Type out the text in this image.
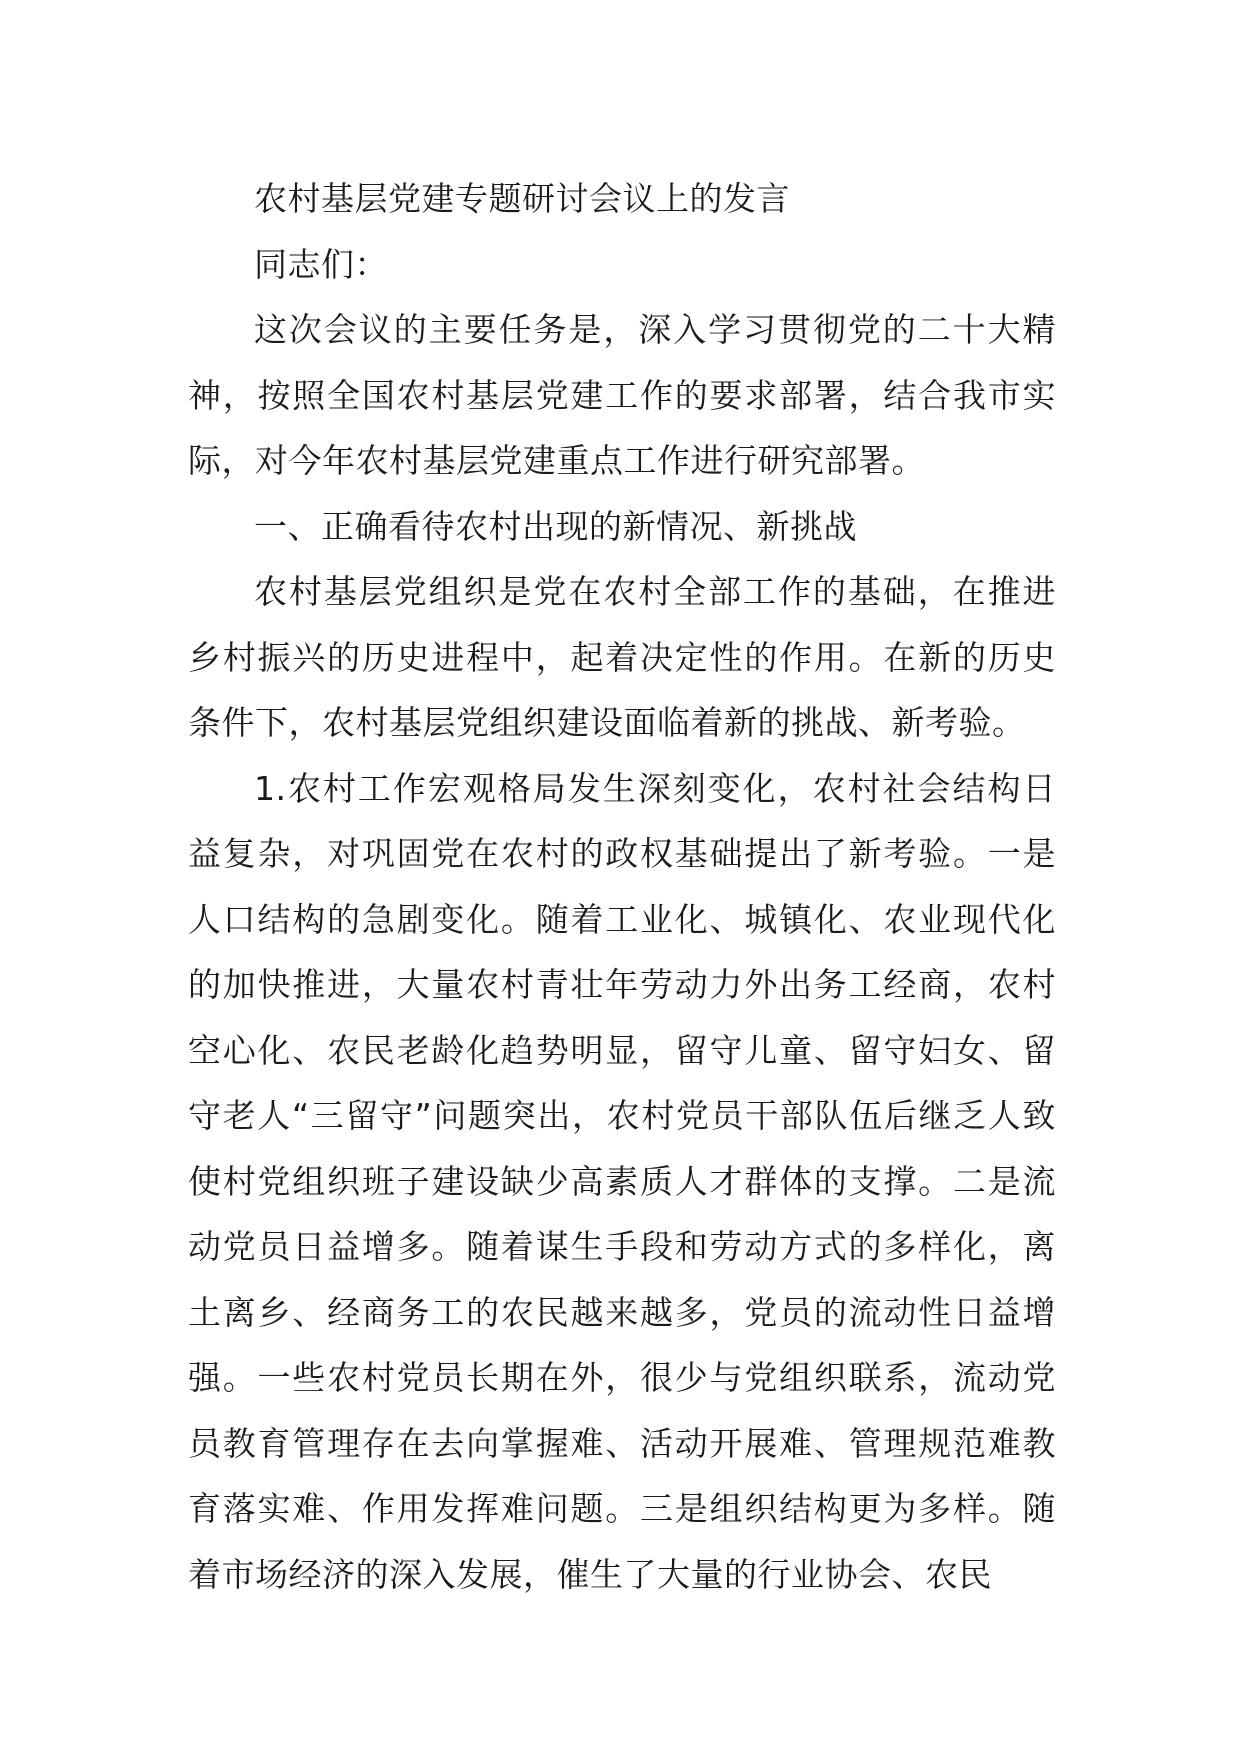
农村基层党建专题研讨会议上的发言

同志们：

这次会议的主要任务是，深入学习贯彻党的二十大精神，按照全国农村基层党建工作的要求部署，结合我市实际，对今年农村基层党建重点工作进行研究部署。

一、正确看待农村出现的新情况、新挑战

农村基层党组织是党在农村全部工作的基础，在推进乡村振兴的历史进程中，起着决定性的作用。在新的历史条件下，农村基层党组织建设面临着新的挑战、新考验。

1.农村工作宏观格局发生深刻变化，农村社会结构日益复杂，对巩固党在农村的政权基础提出了新考验。一是人口结构的急剧变化。随着工业化、城镇化、农业现代化的加快推进，大量农村青壮年劳动力外出务工经商，农村空心化、农民老龄化趋势明显，留守儿童、留守妇女、留守老人“三留守”问题突出，农村党员干部队伍后继乏人致使村党组织班子建设缺少高素质人才群体的支撑。二是流动党员日益增多。随着谋生手段和劳动方式的多样化，离土离乡、经商务工的农民越来越多，党员的流动性日益增强。一些农村党员长期在外，很少与党组织联系，流动党员教育管理存在去向掌握难、活动开展难、管理规范难教育落实难、作用发挥难问题。三是组织结构更为多样。随着市场经济的深入发展，催生了大量的行业协会、农民
